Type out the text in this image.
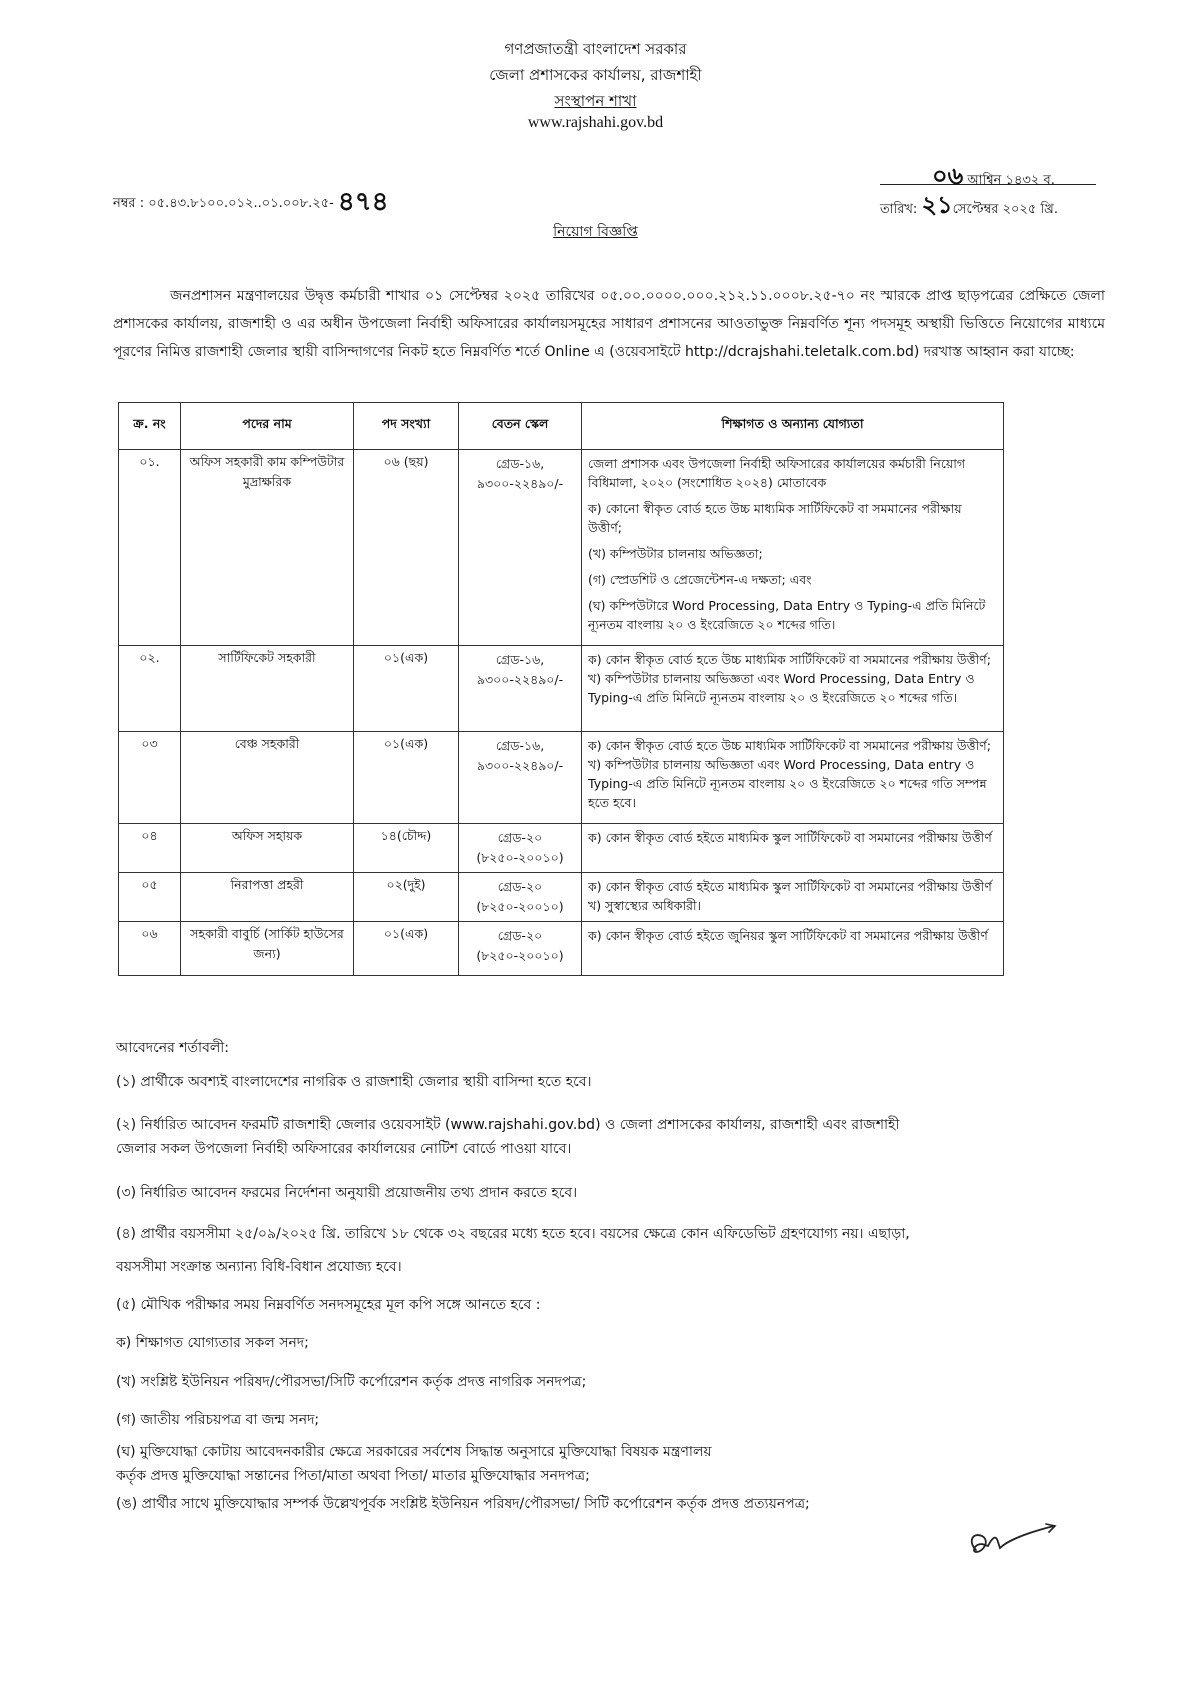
গণপ্রজাতন্ত্রী বাংলাদেশ সরকার
জেলা প্রশাসকের কার্যালয়, রাজশাহী
সংস্থাপন শাখা
www.rajshahi.gov.bd
নম্বর : ০৫.৪৩.৮১০০.০১২..০১.০০৮.২৫- ৪৭৪
০৬ আশ্বিন ১৪৩২ ব.
তারিখ: ২১সেপ্টেম্বর ২০২৫ খ্রি.
নিয়োগ বিজ্ঞপ্তি
জনপ্রশাসন মন্ত্রণালয়ের উদ্বৃত্ত কর্মচারী শাখার ০১ সেপ্টেম্বর ২০২৫ তারিখের ০৫.০০.০০০০.০০০.২১২.১১.০০০৮.২৫-৭০ নং স্মারকে প্রাপ্ত ছাড়পত্রের প্রেক্ষিতে জেলা প্রশাসকের কার্যালয়, রাজশাহী ও এর অধীন উপজেলা নির্বাহী অফিসারের কার্যালয়সমূহের সাধারণ প্রশাসনের আওতাভুক্ত নিম্নবর্ণিত শূন্য পদসমূহ অস্থায়ী ভিত্তিতে নিয়োগের মাধ্যমে পূরণের নিমিত্ত রাজশাহী জেলার স্থায়ী বাসিন্দাগণের নিকট হতে নিম্নবর্ণিত শর্তে Online এ (ওয়েবসাইটে http://dcrajshahi.teletalk.com.bd) দরখাস্ত আহ্বান করা যাচ্ছে:
ক্র. নং	পদের নাম	পদ সংখ্যা	বেতন স্কেল	শিক্ষাগত ও অন্যান্য যোগ্যতা
০১.	অফিস সহকারী কাম কম্পিউটার মুদ্রাক্ষরিক	০৬ (ছয়)	গ্রেড-১৬, ৯৩০০-২২৪৯০/-	জেলা প্রশাসক এবং উপজেলা নির্বাহী অফিসারের কার্যালয়ের কর্মচারী নিয়োগ বিধিমালা, ২০২০ (সংশোধিত ২০২৪) মোতাবেক
ক) কোনো স্বীকৃত বোর্ড হতে উচ্চ মাধ্যমিক সার্টিফিকেট বা সমমানের পরীক্ষায় উত্তীর্ণ;
(খ) কম্পিউটার চালনায় অভিজ্ঞতা;
(গ) স্প্রেডশিট ও প্রেজেন্টেশন-এ দক্ষতা; এবং
(ঘ) কম্পিউটারে Word Processing, Data Entry ও Typing-এ প্রতি মিনিটে ন্যূনতম বাংলায় ২০ ও ইংরেজিতে ২০ শব্দের গতি।

০২.	সার্টিফিকেট সহকারী	০১(এক)	গ্রেড-১৬, ৯৩০০-২২৪৯০/-	ক) কোন স্বীকৃত বোর্ড হতে উচ্চ মাধ্যমিক সার্টিফিকেট বা সমমানের পরীক্ষায় উত্তীর্ণ; খ) কম্পিউটার চালনায় অভিজ্ঞতা এবং Word Processing, Data Entry ও Typing-এ প্রতি মিনিটে ন্যূনতম বাংলায় ২০ ও ইংরেজিতে ২০ শব্দের গতি।

০৩	বেঞ্চ সহকারী	০১(এক)	গ্রেড-১৬, ৯৩০০-২২৪৯০/-	ক) কোন স্বীকৃত বোর্ড হতে উচ্চ মাধ্যমিক সার্টিফিকেট বা সমমানের পরীক্ষায় উত্তীর্ণ; খ) কম্পিউটার চালনায় অভিজ্ঞতা এবং Word Processing, Data entry ও Typing-এ প্রতি মিনিটে ন্যূনতম বাংলায় ২০ ও ইংরেজিতে ২০ শব্দের গতি সম্পন্ন হতে হবে।

০৪	অফিস সহায়ক	১৪(চৌদ্দ)	গ্রেড-২০ (৮২৫০-২০০১০)	ক) কোন স্বীকৃত বোর্ড হইতে মাধ্যমিক স্কুল সার্টিফিকেট বা সমমানের পরীক্ষায় উত্তীর্ণ

০৫	নিরাপত্তা প্রহরী	০২(দুই)	গ্রেড-২০ (৮২৫০-২০০১০)	ক) কোন স্বীকৃত বোর্ড হইতে মাধ্যমিক স্কুল সার্টিফিকেট বা সমমানের পরীক্ষায় উত্তীর্ণ খ) সুস্বাস্থ্যের অধিকারী।

০৬	সহকারী বাবুর্চি (সার্কিট হাউসের জন্য)	০১(এক)	গ্রেড-২০ (৮২৫০-২০০১০)	ক) কোন স্বীকৃত বোর্ড হইতে জুনিয়র স্কুল সার্টিফিকেট বা সমমানের পরীক্ষায় উত্তীর্ণ
আবেদনের শর্তাবলী:
(১) প্রার্থীকে অবশ্যই বাংলাদেশের নাগরিক ও রাজশাহী জেলার স্থায়ী বাসিন্দা হতে হবে।
(২) নির্ধারিত আবেদন ফরমটি রাজশাহী জেলার ওয়েবসাইট (www.rajshahi.gov.bd) ও জেলা প্রশাসকের কার্যালয়, রাজশাহী এবং রাজশাহী
জেলার সকল উপজেলা নির্বাহী অফিসারের কার্যালয়ের নোটিশ বোর্ডে পাওয়া যাবে।
(৩) নির্ধারিত আবেদন ফরমের নির্দেশনা অনুযায়ী প্রয়োজনীয় তথ্য প্রদান করতে হবে।
(৪) প্রার্থীর বয়সসীমা ২৫/০৯/২০২৫ খ্রি. তারিখে ১৮ থেকে ৩২ বছরের মধ্যে হতে হবে। বয়সের ক্ষেত্রে কোন এফিডেভিট গ্রহণযোগ্য নয়। এছাড়া,
বয়সসীমা সংক্রান্ত অন্যান্য বিধি-বিধান প্রযোজ্য হবে।
(৫) মৌখিক পরীক্ষার সময় নিম্নবর্ণিত সনদসমূহের মূল কপি সঙ্গে আনতে হবে :
ক) শিক্ষাগত যোগ্যতার সকল সনদ;
(খ) সংশ্লিষ্ট ইউনিয়ন পরিষদ/পৌরসভা/সিটি কর্পোরেশন কর্তৃক প্রদত্ত নাগরিক সনদপত্র;
(গ) জাতীয় পরিচয়পত্র বা জন্ম সনদ;
(ঘ) মুক্তিযোদ্ধা কোটায় আবেদনকারীর ক্ষেত্রে সরকারের সর্বশেষ সিদ্ধান্ত অনুসারে মুক্তিযোদ্ধা বিষয়ক মন্ত্রণালয়
কর্তৃক প্রদত্ত মুক্তিযোদ্ধা সন্তানের পিতা/মাতা অথবা পিতা/ মাতার মুক্তিযোদ্ধার সনদপত্র;
(ঙ) প্রার্থীর সাথে মুক্তিযোদ্ধার সম্পর্ক উল্লেখপূর্বক সংশ্লিষ্ট ইউনিয়ন পরিষদ/পৌরসভা/ সিটি কর্পোরেশন কর্তৃক প্রদত্ত প্রত্যয়নপত্র;
